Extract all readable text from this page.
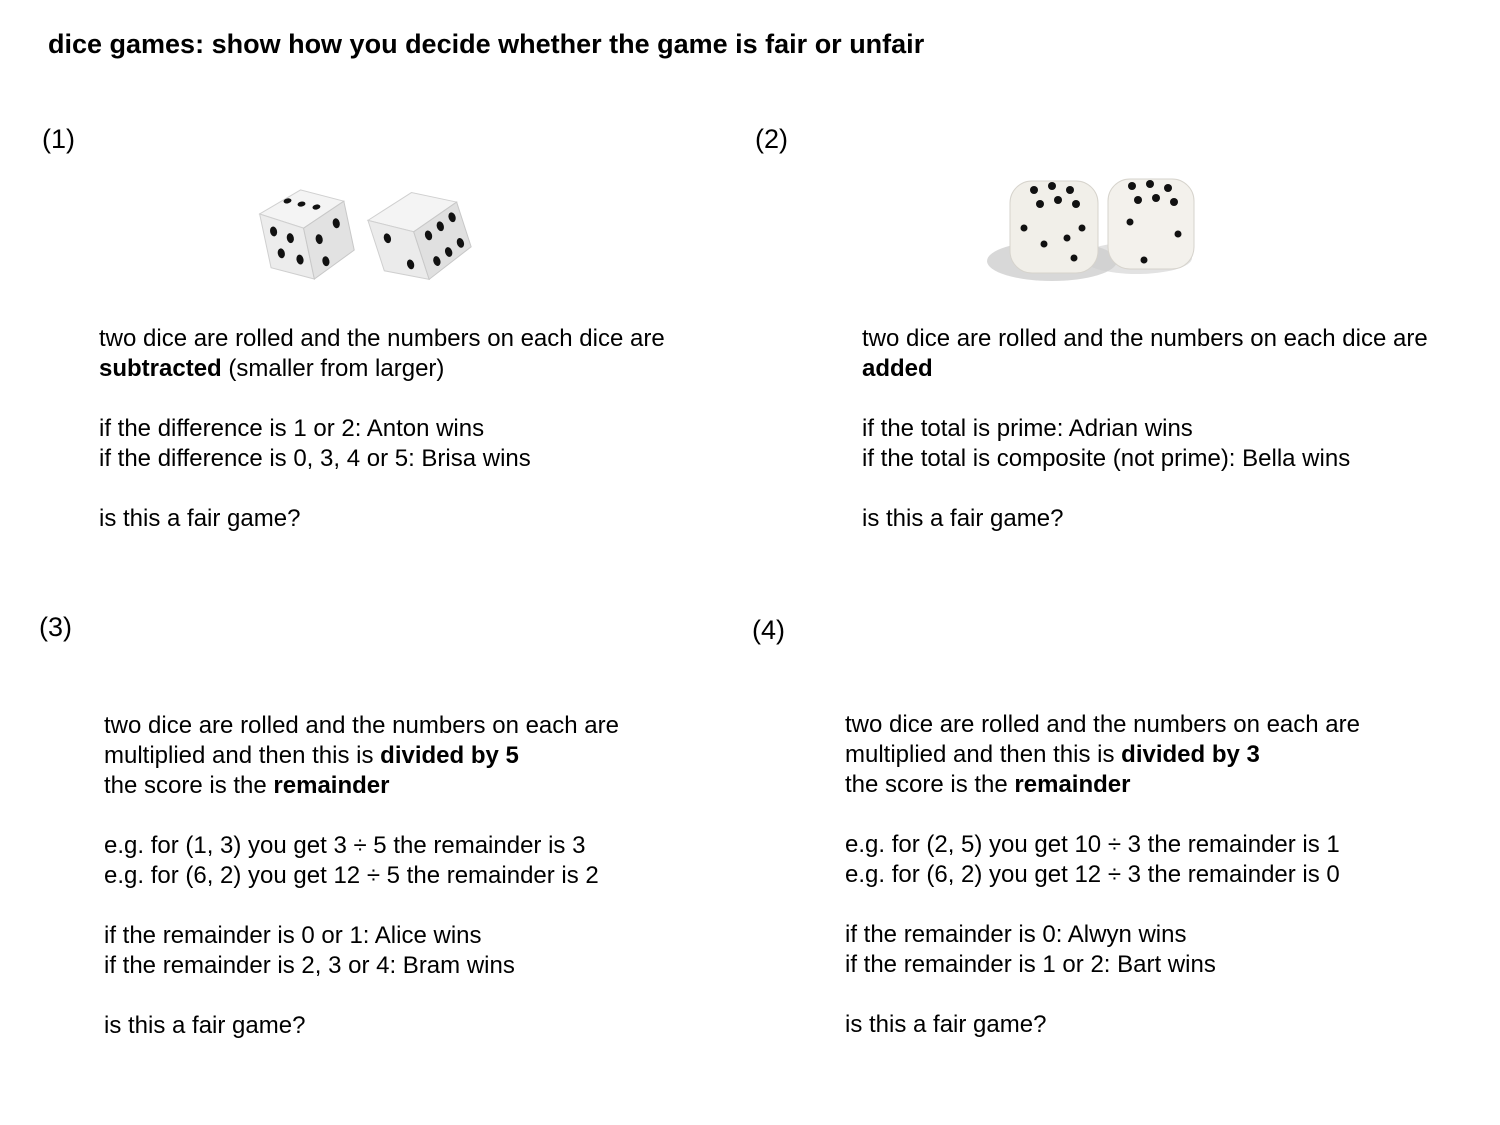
dice games: show how you decide whether the game is fair or unfair
(1)
two dice are rolled and the numbers on each dice are
subtracted (smaller from larger)
if the difference is 1 or 2: Anton wins
if the difference is 0, 3, 4 or 5: Brisa wins
is this a fair game?
(2)
two dice are rolled and the numbers on each dice are
added
if the total is prime: Adrian wins
if the total is composite (not prime): Bella wins
is this a fair game?
(3)
two dice are rolled and the numbers on each are
multiplied and then this is divided by 5
the score is the remainder
e.g. for (1, 3) you get 3 ÷ 5 the remainder is 3
e.g. for (6, 2) you get 12 ÷ 5 the remainder is 2
if the remainder is 0 or 1: Alice wins
if the remainder is 2, 3 or 4: Bram wins
is this a fair game?
(4)
two dice are rolled and the numbers on each are
multiplied and then this is divided by 3
the score is the remainder
e.g. for (2, 5) you get 10 ÷ 3 the remainder is 1
e.g. for (6, 2) you get 12 ÷ 3 the remainder is 0
if the remainder is 0: Alwyn wins
if the remainder is 1 or 2: Bart wins
is this a fair game?
